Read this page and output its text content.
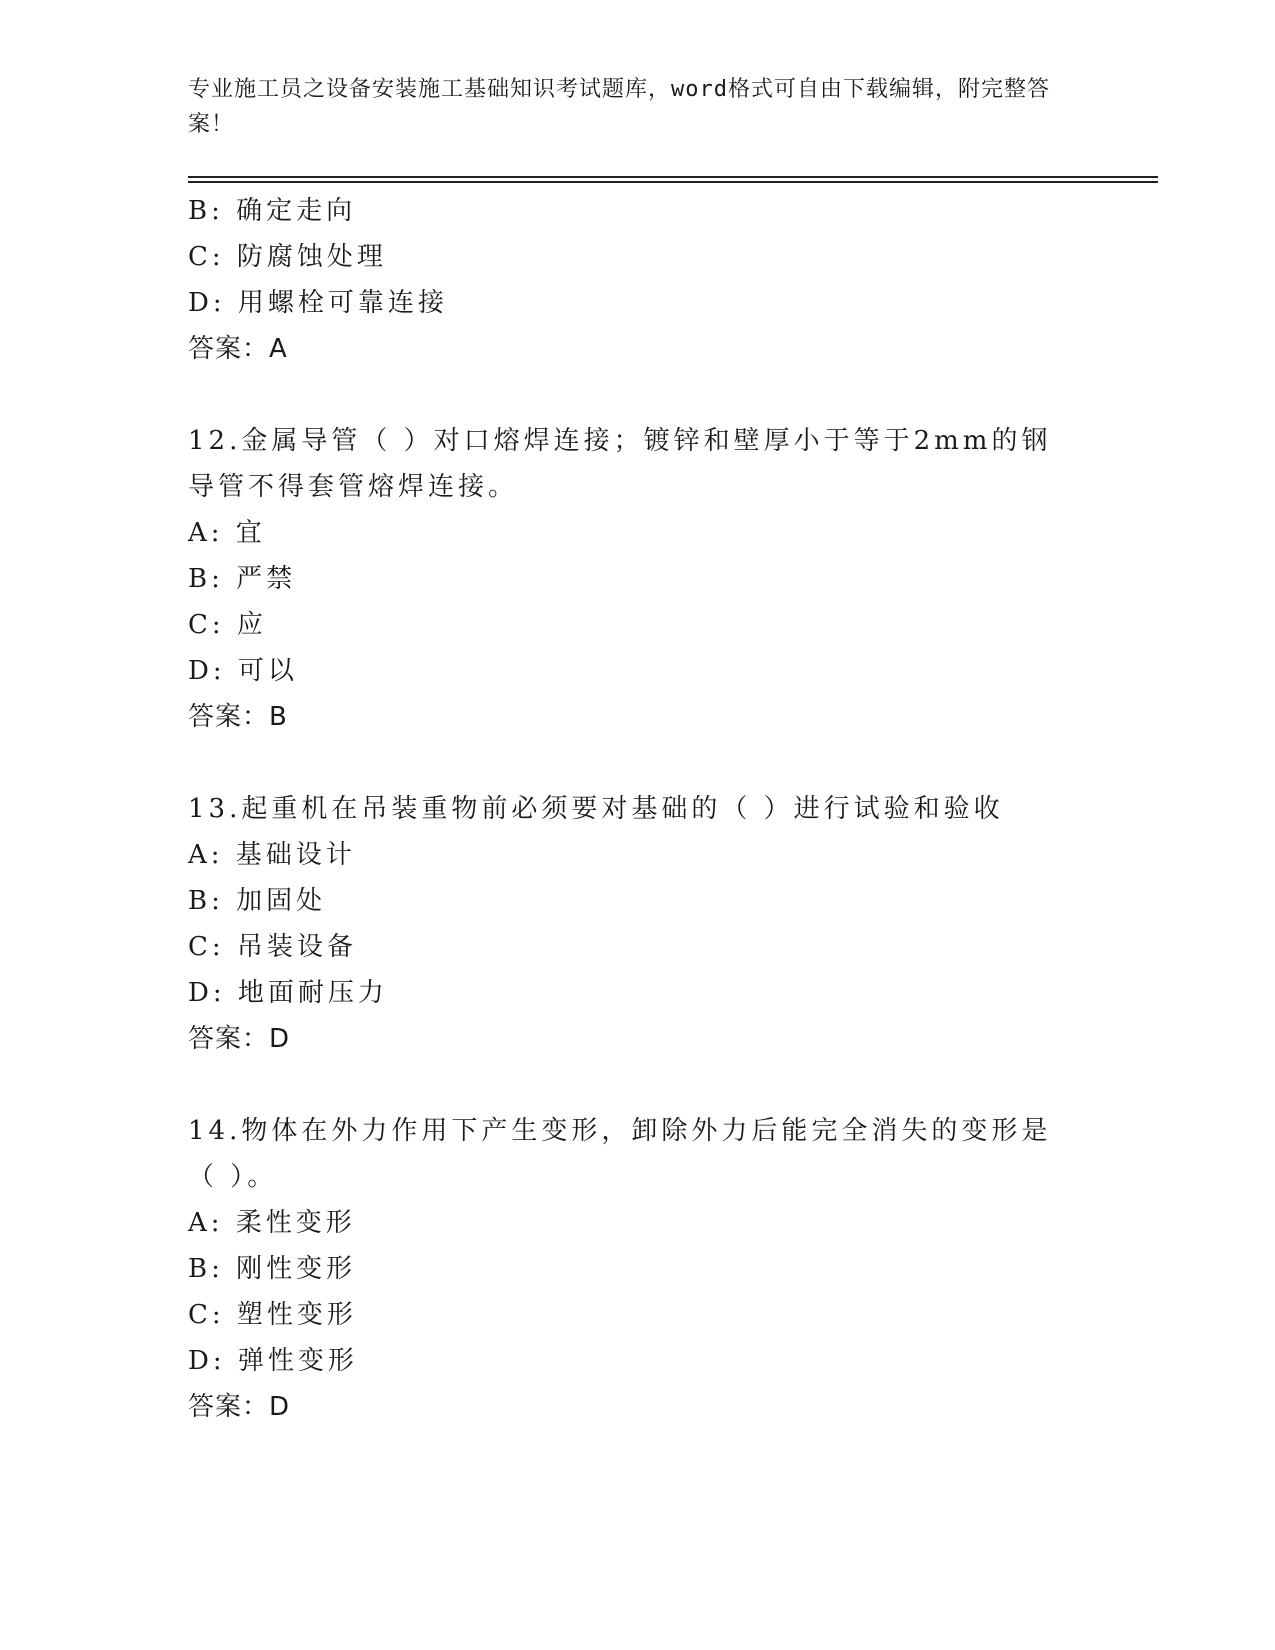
专业施工员之设备安装施工基础知识考试题库，word格式可自由下载编辑，附完整答案！
B: 确定走向
C: 防腐蚀处理
D: 用螺栓可靠连接
答案：A
12.金属导管（ ）对口熔焊连接；镀锌和壁厚小于等于2mm的钢导管不得套管熔焊连接。
A: 宜
B: 严禁
C: 应
D: 可以
答案：B
13.起重机在吊装重物前必须要对基础的（ ）进行试验和验收
A: 基础设计
B: 加固处
C: 吊装设备
D: 地面耐压力
答案：D
14.物体在外力作用下产生变形，卸除外力后能完全消失的变形是（ ）。
A: 柔性变形
B: 刚性变形
C: 塑性变形
D: 弹性变形
答案：D
